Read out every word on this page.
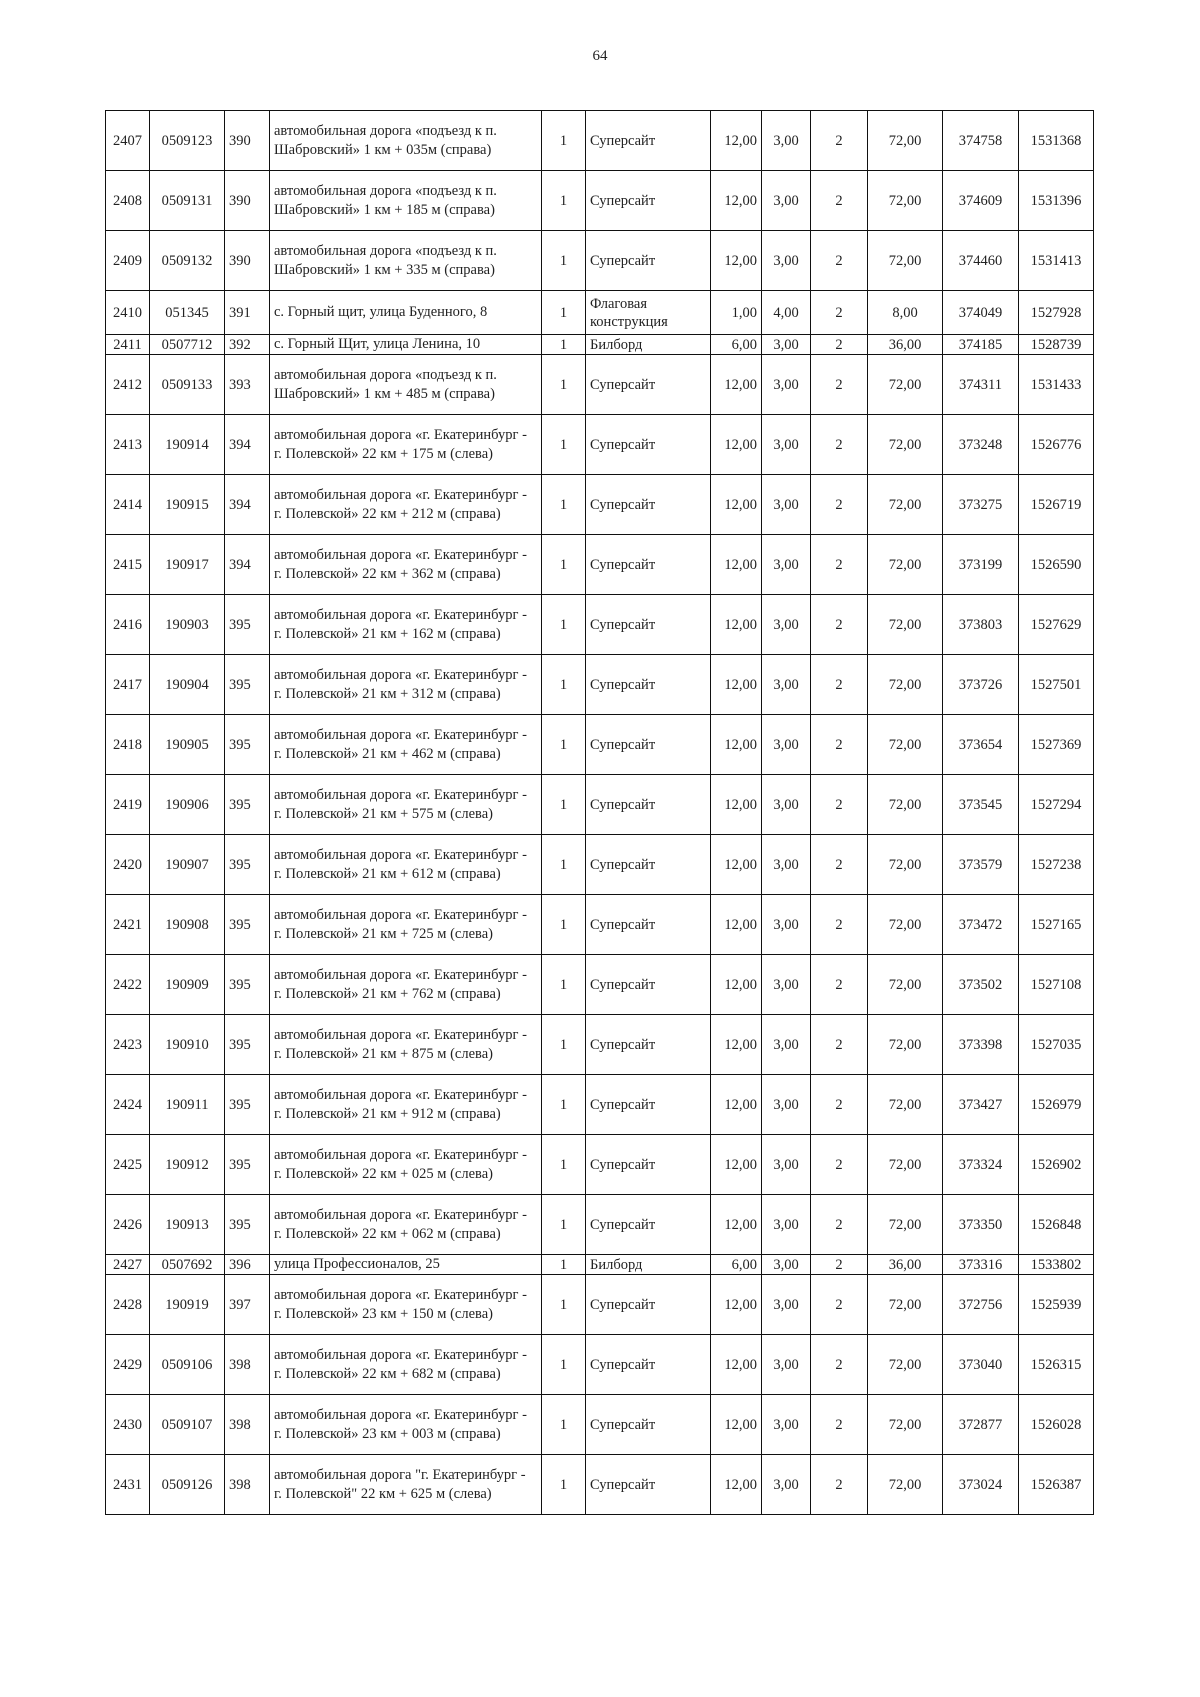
64
2407	0509123	390	автомобильная дорога «подъезд к п. Шабровский» 1 км + 035м (справа)	1	Суперсайт	12,00	3,00	2	72,00	374758	1531368
2408	0509131	390	автомобильная дорога «подъезд к п. Шабровский» 1 км + 185 м (справа)	1	Суперсайт	12,00	3,00	2	72,00	374609	1531396
2409	0509132	390	автомобильная дорога «подъезд к п. Шабровский» 1 км + 335 м (справа)	1	Суперсайт	12,00	3,00	2	72,00	374460	1531413
2410	051345	391	с. Горный щит, улица Буденного, 8	1	Флаговая конструкция	1,00	4,00	2	8,00	374049	1527928
2411	0507712	392	с. Горный Щит, улица Ленина, 10	1	Билборд	6,00	3,00	2	36,00	374185	1528739
2412	0509133	393	автомобильная дорога «подъезд к п. Шабровский» 1 км + 485 м (справа)	1	Суперсайт	12,00	3,00	2	72,00	374311	1531433
2413	190914	394	автомобильная дорога «г. Екатеринбург - г. Полевской» 22 км + 175 м (слева)	1	Суперсайт	12,00	3,00	2	72,00	373248	1526776
2414	190915	394	автомобильная дорога «г. Екатеринбург - г. Полевской» 22 км + 212 м (справа)	1	Суперсайт	12,00	3,00	2	72,00	373275	1526719
2415	190917	394	автомобильная дорога «г. Екатеринбург - г. Полевской» 22 км + 362 м (справа)	1	Суперсайт	12,00	3,00	2	72,00	373199	1526590
2416	190903	395	автомобильная дорога «г. Екатеринбург - г. Полевской» 21 км + 162 м (справа)	1	Суперсайт	12,00	3,00	2	72,00	373803	1527629
2417	190904	395	автомобильная дорога «г. Екатеринбург - г. Полевской» 21 км + 312 м (справа)	1	Суперсайт	12,00	3,00	2	72,00	373726	1527501
2418	190905	395	автомобильная дорога «г. Екатеринбург - г. Полевской» 21 км + 462 м (справа)	1	Суперсайт	12,00	3,00	2	72,00	373654	1527369
2419	190906	395	автомобильная дорога «г. Екатеринбург - г. Полевской» 21 км + 575 м (слева)	1	Суперсайт	12,00	3,00	2	72,00	373545	1527294
2420	190907	395	автомобильная дорога «г. Екатеринбург - г. Полевской» 21 км + 612 м (справа)	1	Суперсайт	12,00	3,00	2	72,00	373579	1527238
2421	190908	395	автомобильная дорога «г. Екатеринбург - г. Полевской» 21 км + 725 м (слева)	1	Суперсайт	12,00	3,00	2	72,00	373472	1527165
2422	190909	395	автомобильная дорога «г. Екатеринбург - г. Полевской» 21 км + 762 м (справа)	1	Суперсайт	12,00	3,00	2	72,00	373502	1527108
2423	190910	395	автомобильная дорога «г. Екатеринбург - г. Полевской» 21 км + 875 м (слева)	1	Суперсайт	12,00	3,00	2	72,00	373398	1527035
2424	190911	395	автомобильная дорога «г. Екатеринбург - г. Полевской» 21 км + 912 м (справа)	1	Суперсайт	12,00	3,00	2	72,00	373427	1526979
2425	190912	395	автомобильная дорога «г. Екатеринбург - г. Полевской» 22 км + 025 м (слева)	1	Суперсайт	12,00	3,00	2	72,00	373324	1526902
2426	190913	395	автомобильная дорога «г. Екатеринбург - г. Полевской» 22 км + 062 м (справа)	1	Суперсайт	12,00	3,00	2	72,00	373350	1526848
2427	0507692	396	улица Профессионалов, 25	1	Билборд	6,00	3,00	2	36,00	373316	1533802
2428	190919	397	автомобильная дорога «г. Екатеринбург - г. Полевской» 23 км + 150 м (слева)	1	Суперсайт	12,00	3,00	2	72,00	372756	1525939
2429	0509106	398	автомобильная дорога «г. Екатеринбург - г. Полевской» 22 км + 682 м (справа)	1	Суперсайт	12,00	3,00	2	72,00	373040	1526315
2430	0509107	398	автомобильная дорога «г. Екатеринбург - г. Полевской» 23 км + 003 м (справа)	1	Суперсайт	12,00	3,00	2	72,00	372877	1526028
2431	0509126	398	автомобильная дорога "г. Екатеринбург - г. Полевской" 22 км + 625 м (слева)	1	Суперсайт	12,00	3,00	2	72,00	373024	1526387
